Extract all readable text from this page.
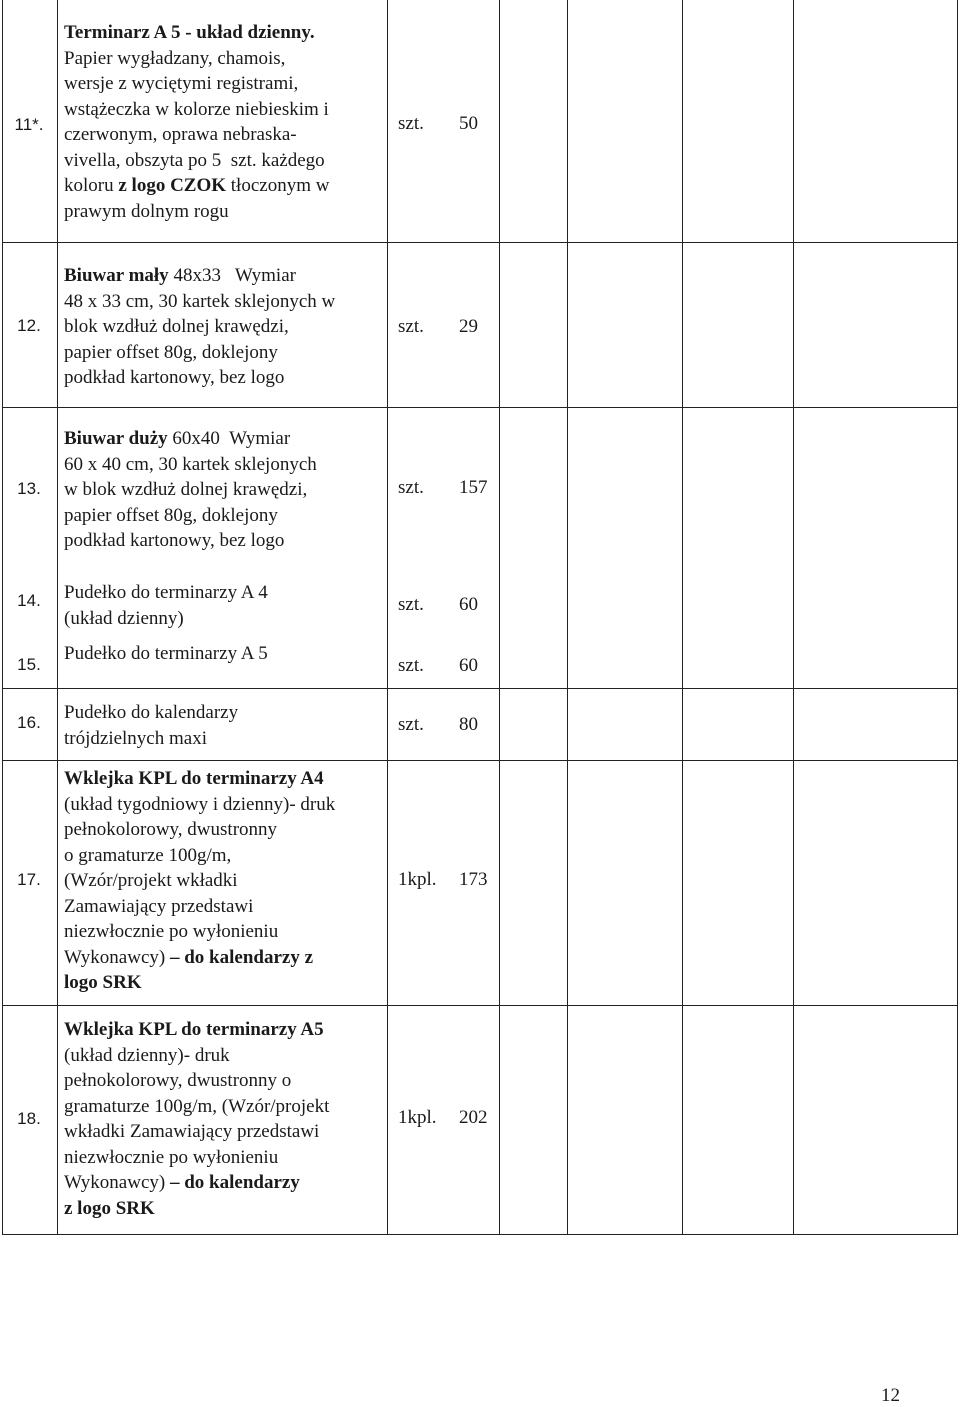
11*.
Terminarz A 5 - układ dzienny.
Papier wygładzany, chamois,
wersje z wyciętymi registrami,
wstążeczka w kolorze niebieskim i
czerwonym, oprawa nebraska-
vivella, obszyta po 5  szt. każdego
koloru z logo CZOK tłoczonym w
prawym dolnym rogu
szt. 50
12.
Biuwar mały 48x33   Wymiar
48 x 33 cm, 30 kartek sklejonych w
blok wzdłuż dolnej krawędzi,
papier offset 80g, doklejony
podkład kartonowy, bez logo
szt. 29
13.
Biuwar duży 60x40  Wymiar
60 x 40 cm, 30 kartek sklejonych
w blok wzdłuż dolnej krawędzi,
papier offset 80g, doklejony
podkład kartonowy, bez logo
szt. 157
14.	Pudełko do terminarzy A 4
(układ dzienny)
szt. 60
15.
Pudełko do terminarzy A 5
szt. 60
16.	Pudełko do kalendarzy
trójdzielnych maxi
szt. 80
17.
Wklejka KPL do terminarzy A4
(układ tygodniowy i dzienny)- druk
pełnokolorowy, dwustronny
o gramaturze 100g/m,
(Wzór/projekt wkładki
Zamawiający przedstawi
niezwłocznie po wyłonieniu
Wykonawcy) – do kalendarzy z
logo SRK
1kpl. 173
18.
Wklejka KPL do terminarzy A5
(układ dzienny)- druk
pełnokolorowy, dwustronny o
gramaturze 100g/m, (Wzór/projekt
wkładki Zamawiający przedstawi
niezwłocznie po wyłonieniu
Wykonawcy) – do kalendarzy
z logo SRK
1kpl. 202
12
